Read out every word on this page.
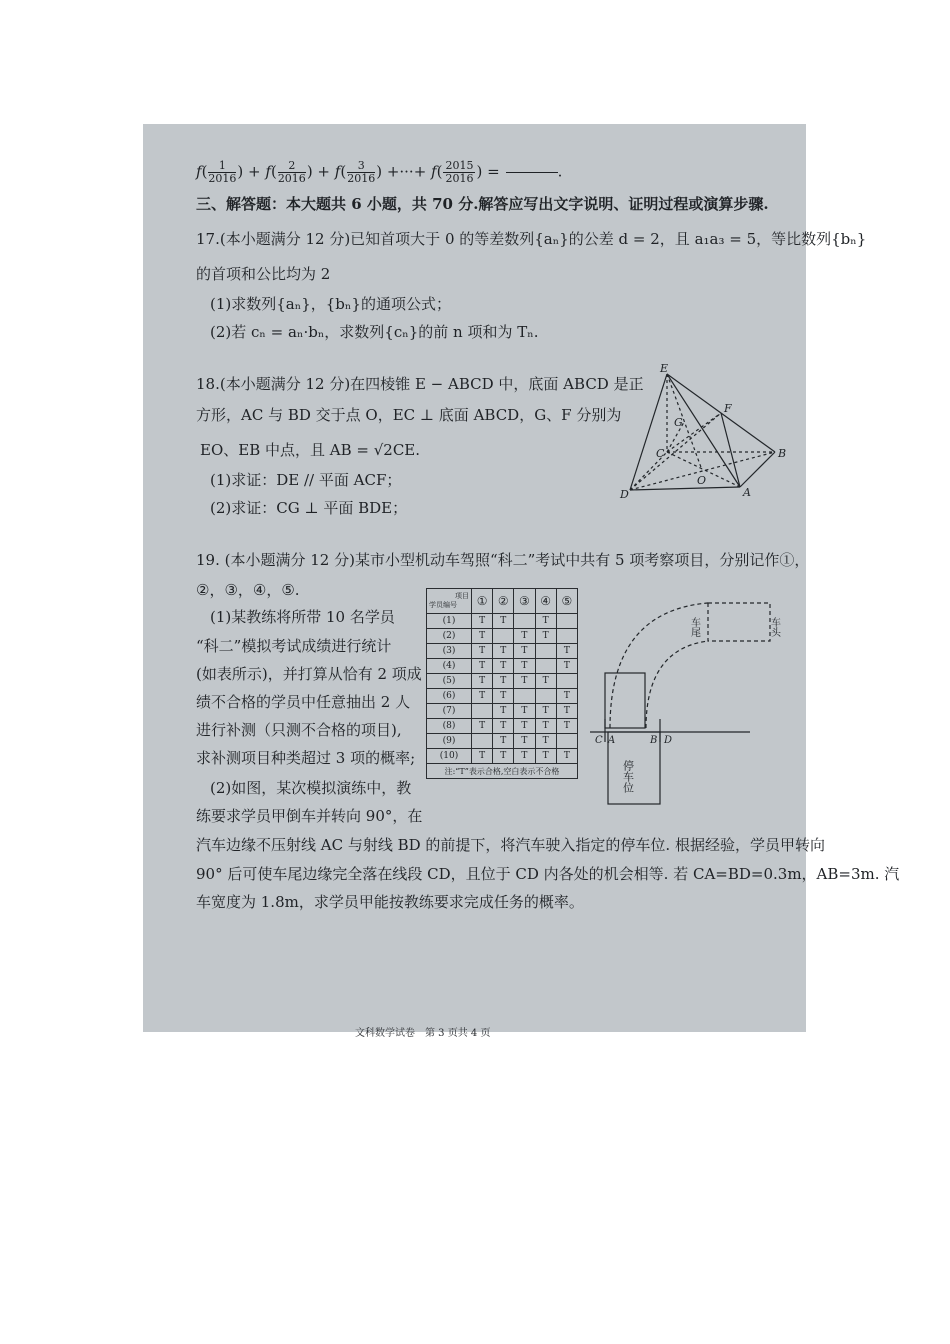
$f( \frac{1}{2016}$ ) + $f( \frac{2}{2016}$ ) + $f( \frac{3}{2016}$ ) +···+ $f( \frac{2015}{2016}$ ) =	.
三、解答题：本大题共 6 小题，共 70 分.解答应写出文字说明、证明过程或演算步骤.
17.(本小题满分 12 分)已知首项大于 0 的等差数列{aₙ}的公差 d = 2，且 a₁a₃ = 5，等比数列{bₙ}
的首项和公比均为 2
(1)求数列{aₙ}，{bₙ}的通项公式；
(2)若 cₙ = aₙ·bₙ，求数列{cₙ}的前 n 项和为 Tₙ.
18.(本小题满分 12 分)在四棱锥 E − ABCD 中，底面 ABCD 是正
方形，AC 与 BD 交于点 O，EC ⊥ 底面 ABCD，G、F 分别为
EO、EB 中点，且 AB = √2CE.
(1)求证：DE // 平面 ACF；
(2)求证：CG ⊥ 平面 BDE；
E
F
G
C
O
B
D	A
19. (本小题满分 12 分)某市小型机动车驾照“科二”考试中共有 5 项考察项目，分别记作①，
②，③，④，⑤.
(1)某教练将所带 10 名学员
“科二”模拟考试成绩进行统计
(如表所示)，并打算从恰有 2 项成
绩不合格的学员中任意抽出 2 人
进行补测（只测不合格的项目),
求补测项目种类超过 3 项的概率;
(2)如图，某次模拟演练中，教
练要求学员甲倒车并转向 90°，在
汽车边缘不压射线 AC 与射线 BD 的前提下，将汽车驶入指定的停车位. 根据经验，学员甲转向
90° 后可使车尾边缘完全落在线段 CD，且位于 CD 内各处的机会相等. 若 CA=BD=0.3m，AB=3m. 汽
车宽度为 1.8m，求学员甲能按教练要求完成任务的概率。
项目
学员编号	①	②	③	④	⑤
(1)	T	T		T	
(2)	T		T	T	
(3)	T	T	T		T
(4)	T	T	T		T
(5)	T	T	T	T	
(6)	T	T			T
(7)		T	T	T	T
(8)	T	T	T	T	T
(9)		T	T	T	
(10)	T	T	T	T	T
注:“T”表示合格,空白表示不合格					
车尾	车头
C A	B D
停车位
文科数学试卷　第 3 页共 4 页
